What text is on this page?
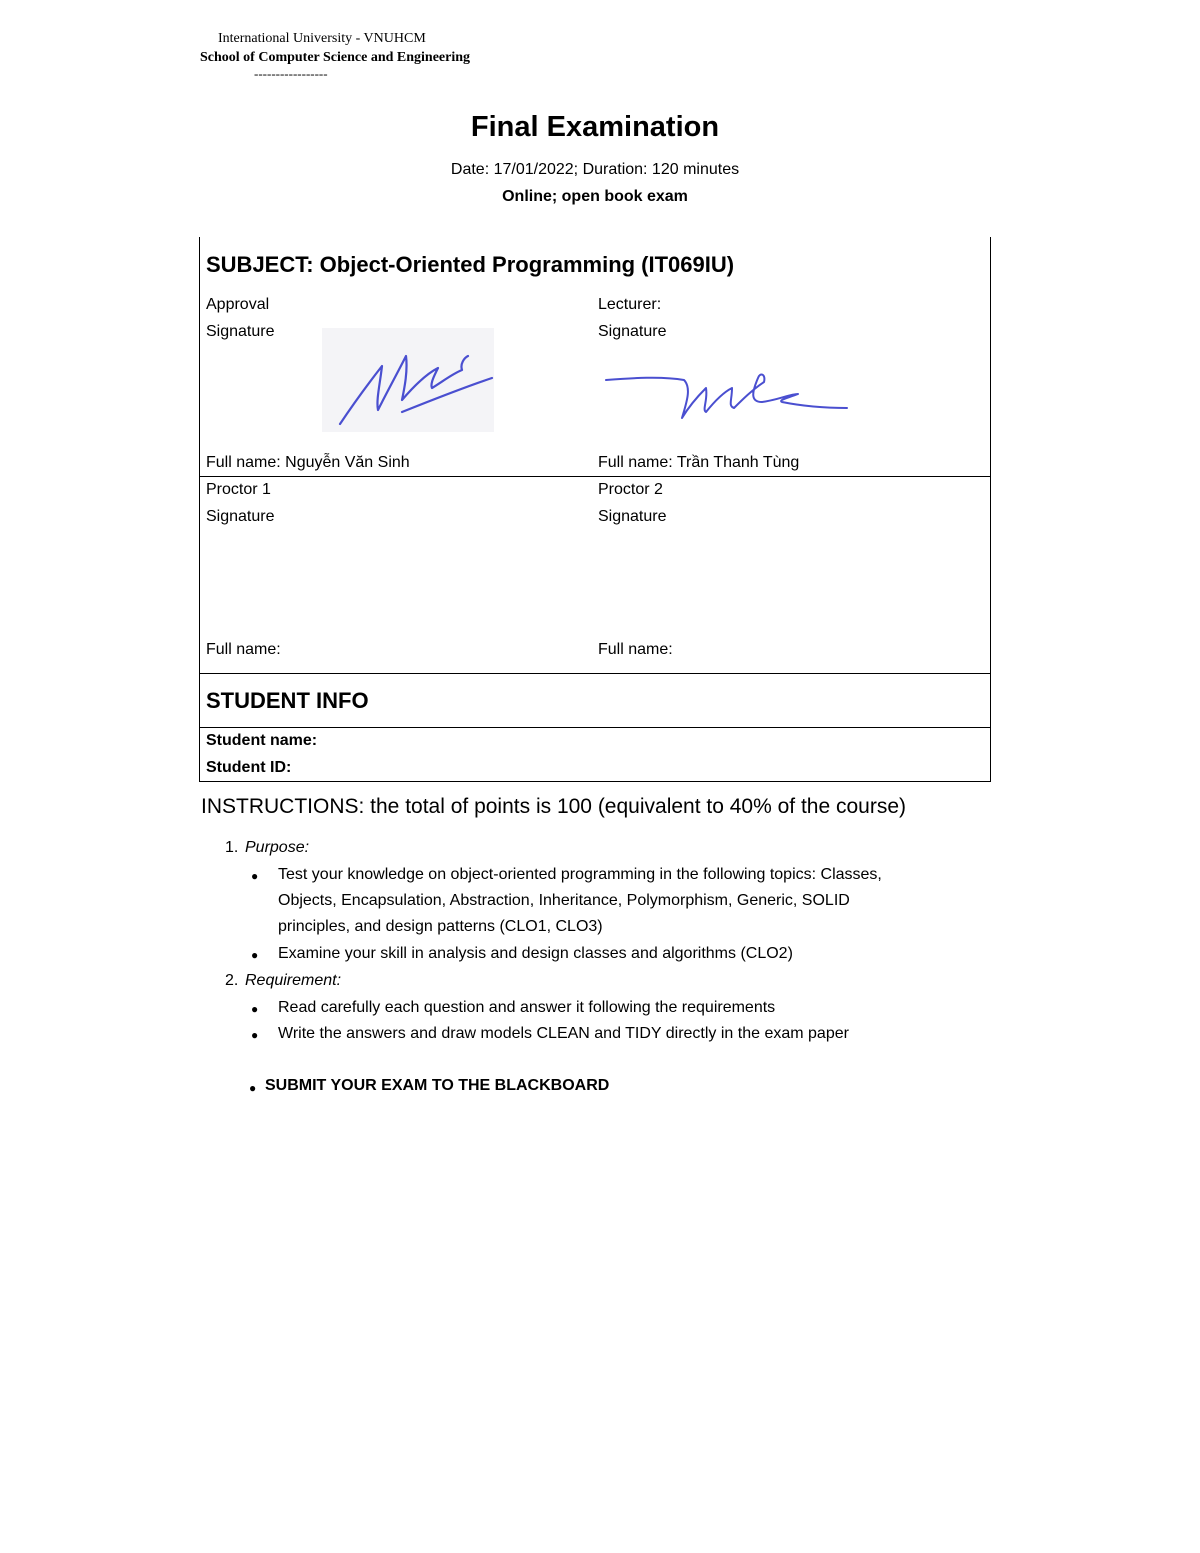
International University - VNUHCM
School of Computer Science and Engineering
-----------------
Final Examination
Date: 17/01/2022; Duration: 120 minutes
Online; open book exam
SUBJECT: Object-Oriented Programming (IT069IU)
Approval
Signature
Full name: Nguyễn Văn Sinh
Lecturer:
Signature
Full name: Trần Thanh Tùng
Proctor 1
Signature
Full name:
Proctor 2
Signature
Full name:
STUDENT INFO
Student name:
Student ID:
INSTRUCTIONS: the total of points is 100 (equivalent to 40% of the course)
1. Purpose:
● Test your knowledge on object-oriented programming in the following topics: Classes,
Objects, Encapsulation, Abstraction, Inheritance, Polymorphism, Generic, SOLID
principles, and design patterns (CLO1, CLO3)
● Examine your skill in analysis and design classes and algorithms (CLO2)
2. Requirement:
● Read carefully each question and answer it following the requirements
● Write the answers and draw models CLEAN and TIDY directly in the exam paper
● SUBMIT YOUR EXAM TO THE BLACKBOARD
